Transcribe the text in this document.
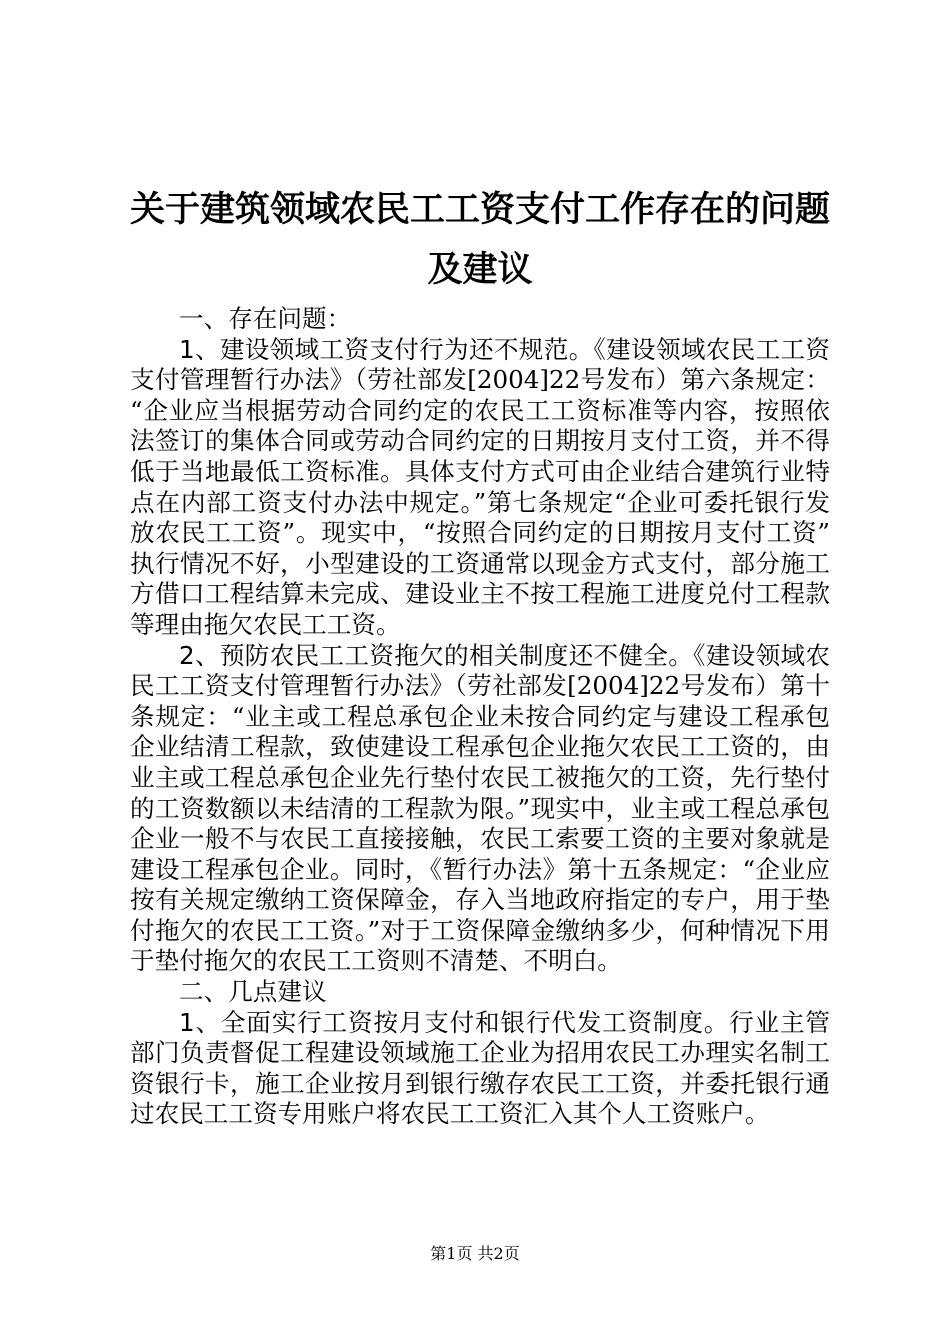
关于建筑领域农民工工资支付工作存在的问题
及建议

一、存在问题：

1、建设领域工资支付行为还不规范。《建设领域农民工工资支付管理暂行办法》（劳社部发[2004]22号发布）第六条规定：“企业应当根据劳动合同约定的农民工工资标准等内容，按照依法签订的集体合同或劳动合同约定的日期按月支付工资，并不得低于当地最低工资标准。具体支付方式可由企业结合建筑行业特点在内部工资支付办法中规定。”第七条规定“企业可委托银行发放农民工工资”。现实中，“按照合同约定的日期按月支付工资”执行情况不好，小型建设的工资通常以现金方式支付，部分施工方借口工程结算未完成、建设业主不按工程施工进度兑付工程款等理由拖欠农民工工资。

2、预防农民工工资拖欠的相关制度还不健全。《建设领域农民工工资支付管理暂行办法》（劳社部发[2004]22号发布）第十条规定：“业主或工程总承包企业未按合同约定与建设工程承包企业结清工程款，致使建设工程承包企业拖欠农民工工资的，由业主或工程总承包企业先行垫付农民工被拖欠的工资，先行垫付的工资数额以未结清的工程款为限。”现实中，业主或工程总承包企业一般不与农民工直接接触，农民工索要工资的主要对象就是建设工程承包企业。同时，《暂行办法》第十五条规定：“企业应按有关规定缴纳工资保障金，存入当地政府指定的专户，用于垫付拖欠的农民工工资。”对于工资保障金缴纳多少，何种情况下用于垫付拖欠的农民工工资则不清楚、不明白。

二、几点建议

1、全面实行工资按月支付和银行代发工资制度。行业主管部门负责督促工程建设领域施工企业为招用农民工办理实名制工资银行卡，施工企业按月到银行缴存农民工工资，并委托银行通过农民工工资专用账户将农民工工资汇入其个人工资账户。

第1页 共2页
